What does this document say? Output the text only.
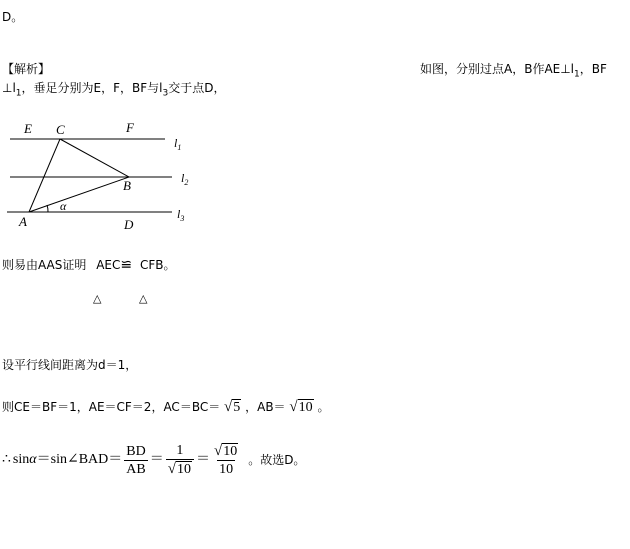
D。
【解析】	如图，分别过点A，B作$AE\perp l_1$，BF
$\perp l_1$，垂足分别为E，F，BF与$l_3$交于点D，
E C	F
B
A	D
α
$l_1$
$l_2$
$l_3$
则易由AAS证明 AEC≌ CFB。
△	△
设平行线间距离为d＝1，
则CE＝BF＝1，AE＝CF＝2，AC＝BC＝ √ 5 ，AB＝ √ 10 。
∴ sin α ＝ sin∠BAD＝ $\frac{BD}{AB} = \frac{1}{√ 10} = \frac{√ 10}{10}$ 。故选D。
